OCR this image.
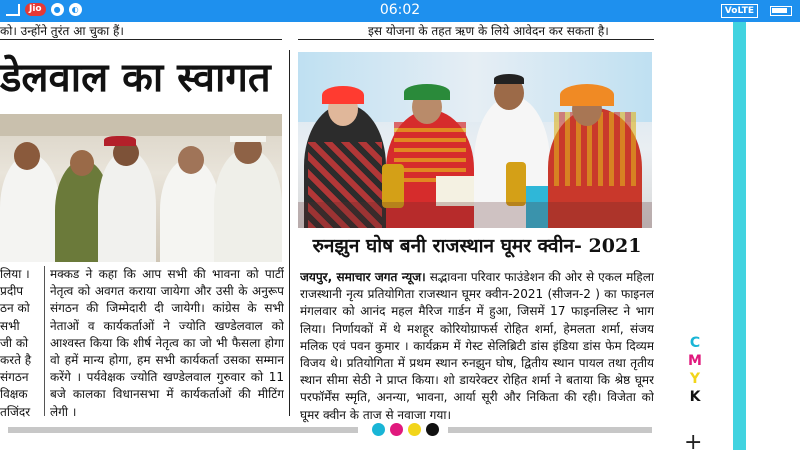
Jio	●	◐	06:02	VoLTE
को। उन्होंने तुरंत आ चुका हैं।	इस योजना के तहत ऋण के लिये आवेदन कर सकता है।
डेलवाल का स्वागत
रुनझुन घोष बनी राजस्थान घूमर क्वीन- 2021

लिया ।

प्रदीप

ठन को

सभी

जी को

करते है

संगठन

विक्षक

तजिंदर

मक्कड ने कहा कि आप सभी की भावना को पार्टी नेतृत्व को अवगत कराया जायेगा और उसी के अनुरूप संगठन की जिम्मेदारी दी जायेगी। कांग्रेस के सभी नेताओं व कार्यकर्ताओं ने ज्योति खण्डेलवाल को आश्वस्त किया कि शीर्ष नेतृत्व का जो भी फैसला होगा वो हमें मान्य होगा, हम सभी कार्यकर्ता उसका सम्मान करेंगे । पर्यवेक्षक ज्योति खण्डेलवाल गुरुवार को 11 बजे कालका विधानसभा में कार्यकर्ताओं की मीटिंग लेगी ।

जयपुर, समाचार जगत न्यूज। सद्भावना परिवार फाउंडेशन की ओर से एकल महिला राजस्थानी नृत्य प्रतियोगिता राजस्थान घूमर क्वीन-2021 (सीजन-2 ) का फाइनल मंगलवार को आनंद महल मैरिज गार्डन में हुआ, जिसमें 17 फाइनलिस्ट ने भाग लिया। निर्णायकों में थे मशहूर कोरियोग्राफर्स रोहित शर्मा, हेमलता शर्मा, संजय मलिक एवं पवन कुमार । कार्यक्रम में गेस्ट सेलिब्रिटी डांस इंडिया डांस फेम दिव्यम विजय थे। प्रतियोगिता में प्रथम स्थान रुनझुन घोष, द्वितीय स्थान पायल तथा तृतीय स्थान सीमा सेठी ने प्राप्त किया। शो डायरेक्टर रोहित शर्मा ने बताया कि श्रेष्ठ घूमर परफॉर्मेंस स्मृति, अनन्या, भावना, आर्या सूरी और निकिता की रही। विजेता को घूमर क्वीन के ताज से नवाजा गया।

C
M
Y
K
+
